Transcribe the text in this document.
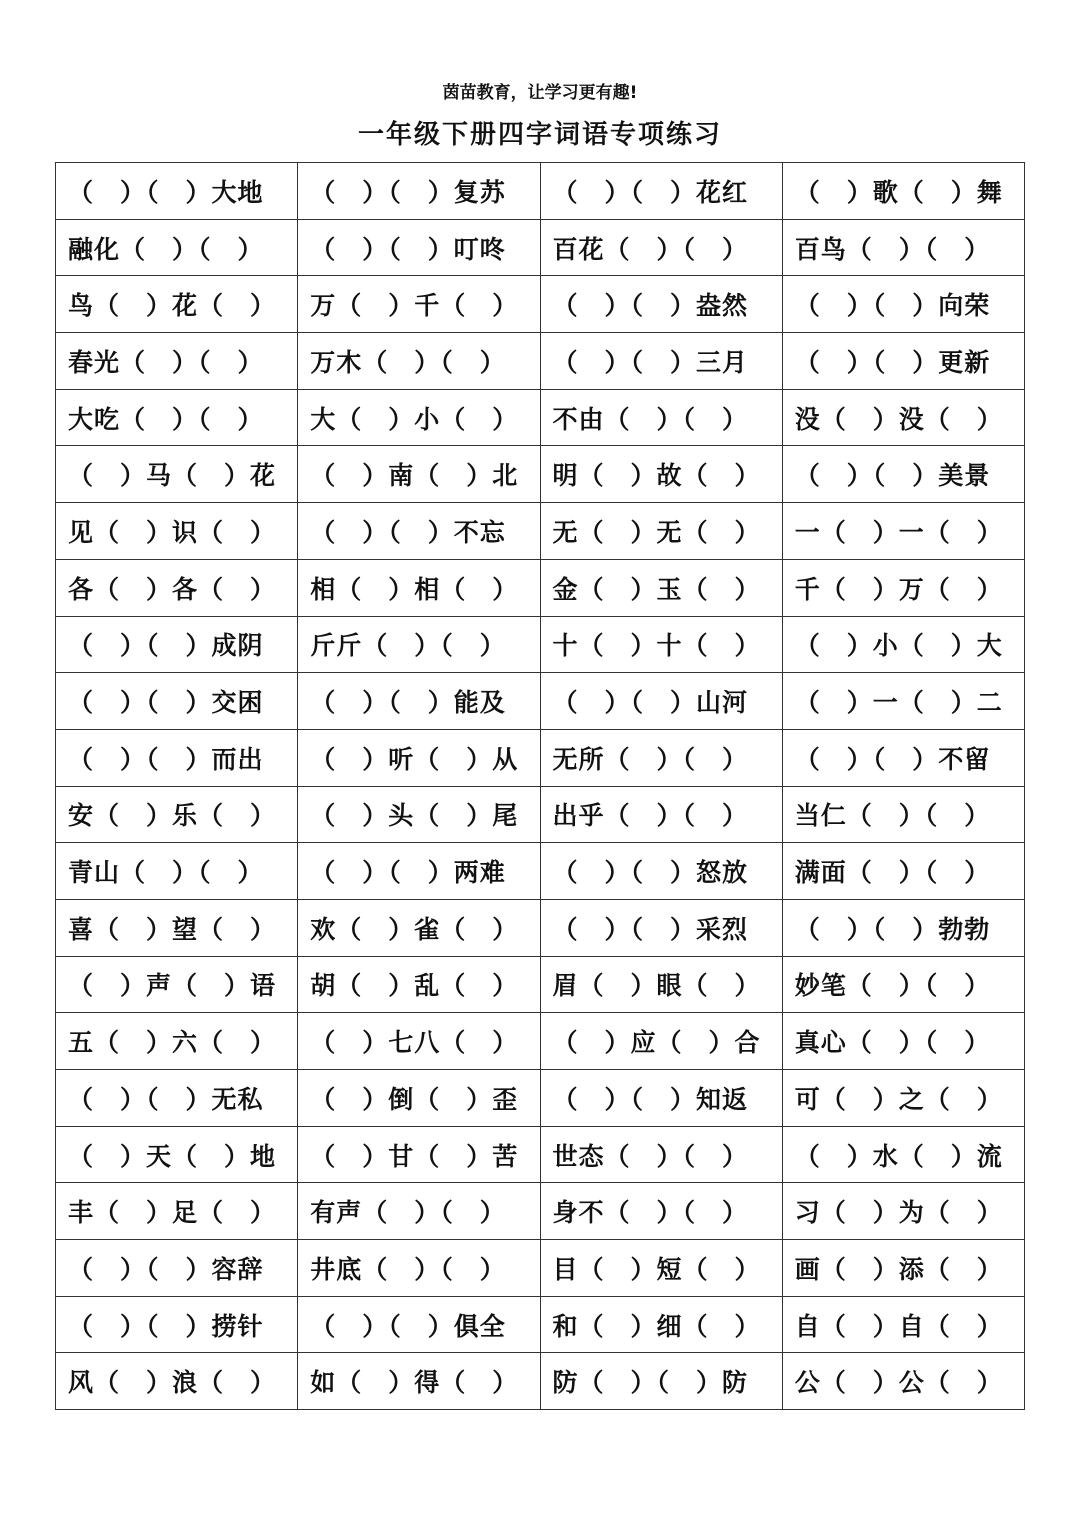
茵苗教育，让学习更有趣!
一年级下册四字词语专项练习
（　）（　）大地	（　）（　）复苏	（　）（　）花红	（　）歌（　）舞
融化（　）（　）	（　）（　）叮咚	百花（　）（　）	百鸟（　）（　）
鸟（　）花（　）	万（　）千（　）	（　）（　）盎然	（　）（　）向荣
春光（　）（　）	万木（　）（　）	（　）（　）三月	（　）（　）更新
大吃（　）（　）	大（　）小（　）	不由（　）（　）	没（　）没（　）
（　）马（　）花	（　）南（　）北	明（　）故（　）	（　）（　）美景
见（　）识（　）	（　）（　）不忘	无（　）无（　）	一（　）一（　）
各（　）各（　）	相（　）相（　）	金（　）玉（　）	千（　）万（　）
（　）（　）成阴	斤斤（　）（　）	十（　）十（　）	（　）小（　）大
（　）（　）交困	（　）（　）能及	（　）（　）山河	（　）一（　）二
（　）（　）而出	（　）听（　）从	无所（　）（　）	（　）（　）不留
安（　）乐（　）	（　）头（　）尾	出乎（　）（　）	当仁（　）（　）
青山（　）（　）	（　）（　）两难	（　）（　）怒放	满面（　）（　）
喜（　）望（　）	欢（　）雀（　）	（　）（　）采烈	（　）（　）勃勃
（　）声（　）语	胡（　）乱（　）	眉（　）眼（　）	妙笔（　）（　）
五（　）六（　）	（　）七八（　）	（　）应（　）合	真心（　）（　）
（　）（　）无私	（　）倒（　）歪	（　）（　）知返	可（　）之（　）
（　）天（　）地	（　）甘（　）苦	世态（　）（　）	（　）水（　）流
丰（　）足（　）	有声（　）（　）	身不（　）（　）	习（　）为（　）
（　）（　）容辞	井底（　）（　）	目（　）短（　）	画（　）添（　）
（　）（　）捞针	（　）（　）俱全	和（　）细（　）	自（　）自（　）
风（　）浪（　）	如（　）得（　）	防（　）（　）防	公（　）公（　）
